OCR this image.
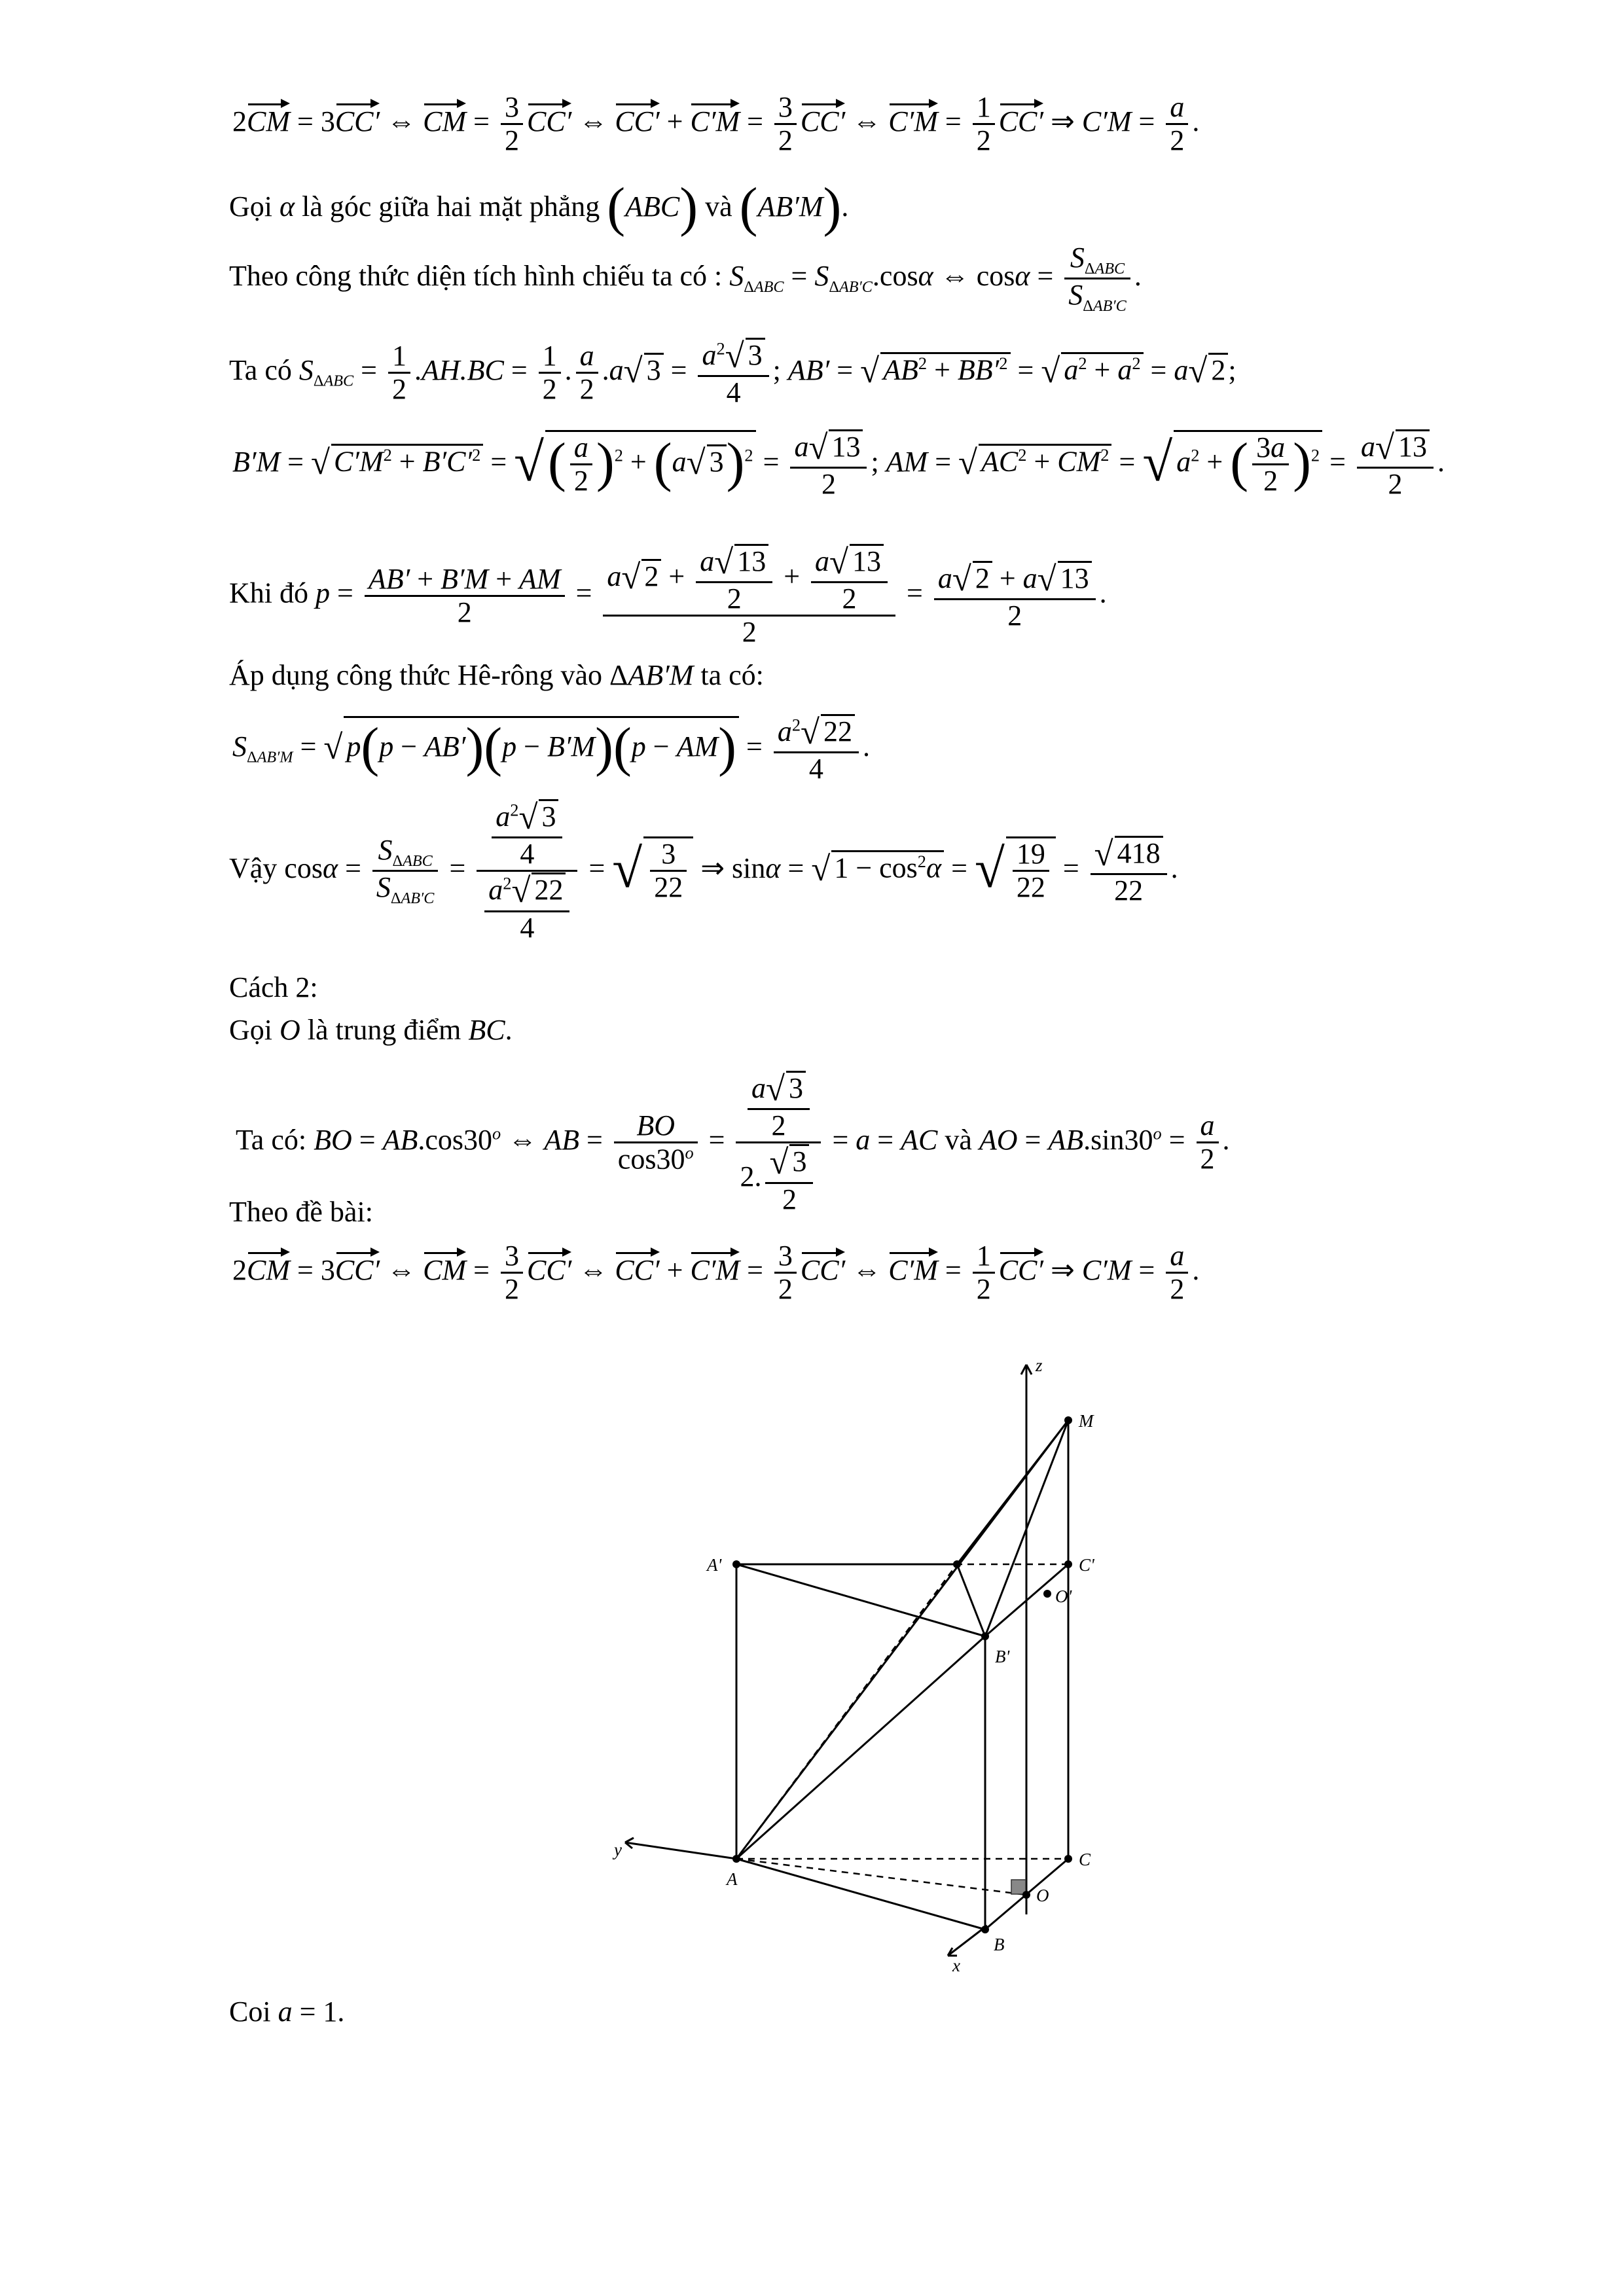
2CM = 3CC′ ⇔ CM = $\frac{3}{2} CC'$ ⇔ $CC' + C'M = \frac{3}{2} CC'$ ⇔ $C'M = \frac{1}{2} CC'$ ⇒ $C'M = \frac{a}{2}$ .
Gọi α là góc giữa hai mặt phẳng (ABC) và (AB′M).
Theo công thức diện tích hình chiếu ta có : $S_{\Delta ABC} = S_{\Delta AB'C}.\cos\alpha$ ⇔ $\cos\alpha = \frac{S_{\Delta ABC}}{S_{\Delta AB'C}}$ .
Ta có $S_{\Delta ABC} = \frac{1}{2} .AH.BC = \frac{1}{2}$ . $\frac{a}{2} .a√$ $3 = \frac{a^2√ 3}{4}$ ; AB′ = √ $AB^2 + BB'^2$ = √ $a^2 + a^2 = a√$ 2;
B′M = √ $C'M^2 + B'C'^2$ = √( $\frac{a}{2} )^2 + (a√$ $3)^2 = \frac{a√ 13}{2}$ ; AM = √ $AC^2 + CM^2$ = √ $a^2$ + ( $\frac{3a}{2} )^2 = \frac{a√ 13}{2}$ .
Khi đó $p = \frac{AB' + B'M + AM}{2} = \frac{a√ 2 + \frac{a√ 13}{2} + \frac{a√ 13}{2}}{2} = \frac{a√ 2 + a√ 13}{2}$ .
Áp dụng công thức Hê-rông vào ΔAB′M ta có:
$S_{\Delta AB'M}$ = √ $p(p - AB')(p - B'M)(p - AM) = \frac{a^2√ 22}{4}$ .
Vậy $\cos\alpha = \frac{S_{\Delta ABC}}{S_{\Delta AB'C}} = \frac{\frac{a^2√ 3}{4}}{\frac{a^2√ 22}{4}}$ = √ $\frac{3}{22}$ ⇒ sinα = √ $1 - \cos^2\alpha$ = √ $\frac{19}{22} = \frac{√ 418}{22}$ .
Cách 2:
Gọi O là trung điểm BC.
Ta có: BO = $AB.\cos 30^o$ ⇔ AB = $\frac{BO}{\cos 30^o} = \frac{\frac{a√ 3}{2}}{2. \frac{√ 3}{2}} = a$ = AC và AO = $AB.\sin 30^o = \frac{a}{2}$ .
Theo đề bài:
2CM = 3CC′ ⇔ CM = $\frac{3}{2} CC'$ ⇔ $CC' + C'M = \frac{3}{2} CC'$ ⇔ $C'M = \frac{1}{2} CC'$ ⇒ $C'M = \frac{a}{2}$ .
z
M
A'	C'
O'
B'
y
A
C
O
B
x
Coi a = 1.
